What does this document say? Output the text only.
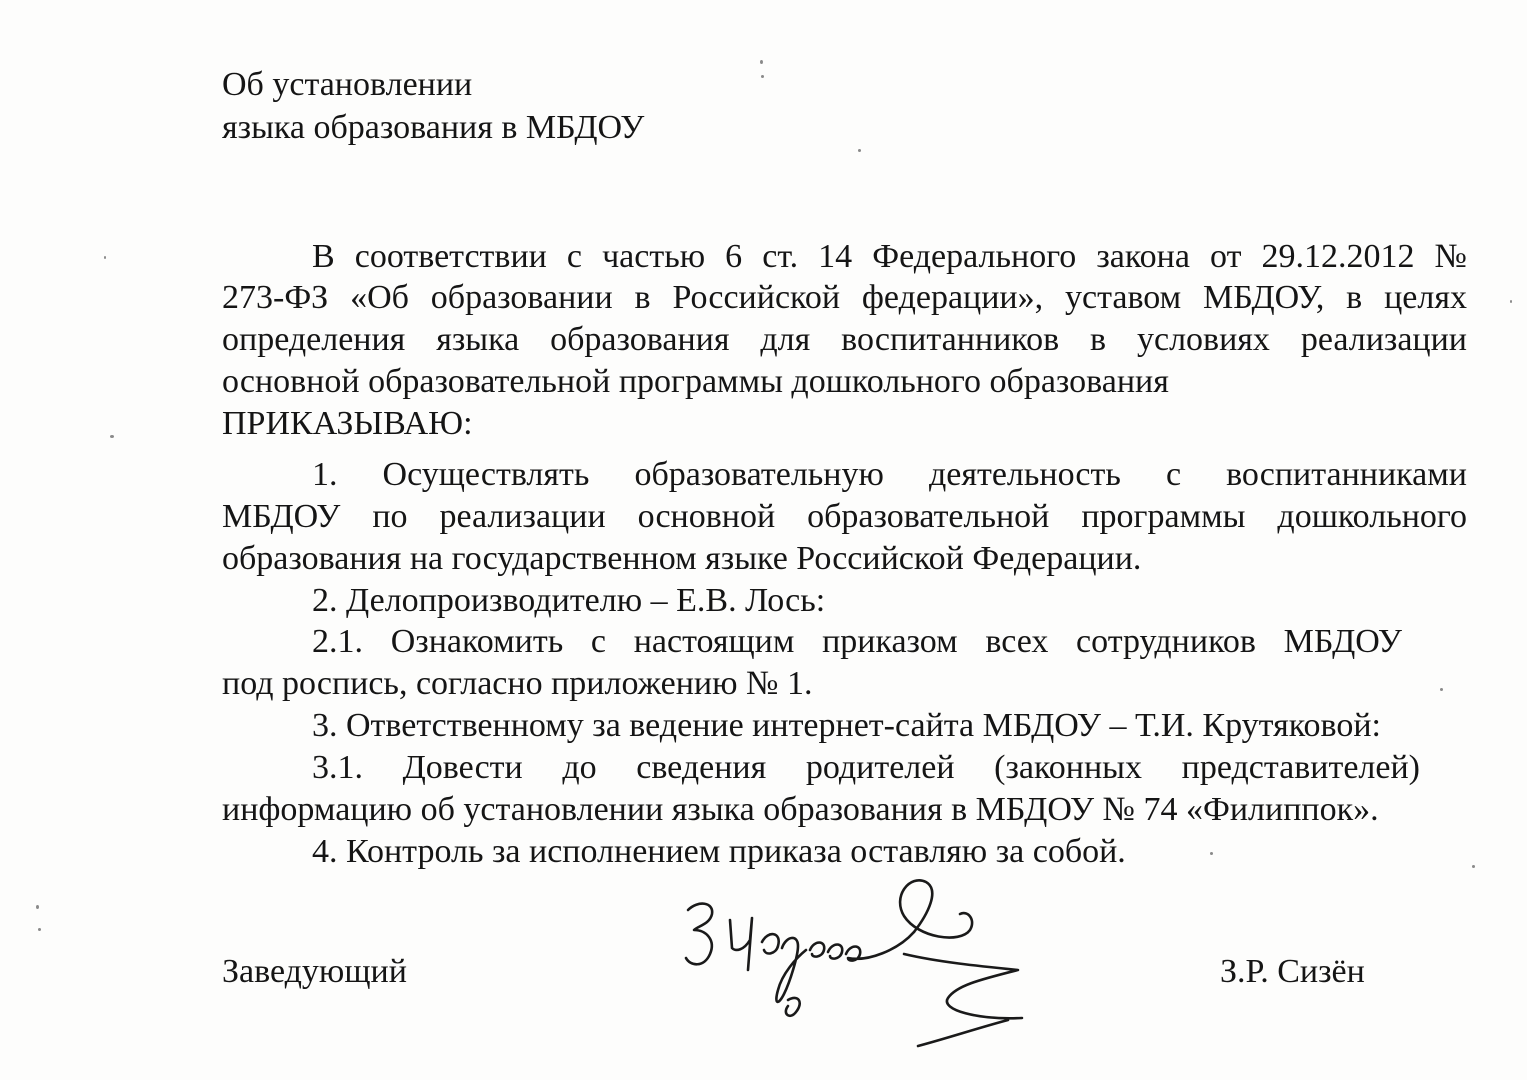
Об установлении
языка образования в МБДОУ
В соответствии с частью 6 ст. 14 Федерального закона от 29.12.2012 №
273-ФЗ «Об образовании в Российской федерации», уставом МБДОУ, в целях
определения языка образования для воспитанников в условиях реализации
основной образовательной программы дошкольного образования
ПРИКАЗЫВАЮ:
1. Осуществлять образовательную деятельность с воспитанниками
МБДОУ по реализации основной образовательной программы дошкольного
образования на государственном языке Российской Федерации.
2. Делопроизводителю – Е.В. Лось:
2.1. Ознакомить с настоящим приказом всех сотрудников МБДОУ
под роспись, согласно приложению № 1.
3. Ответственному за ведение интернет-сайта МБДОУ – Т.И. Крутяковой:
3.1. Довести до сведения родителей (законных представителей)
информацию об установлении языка образования в МБДОУ № 74 «Филиппок».
4. Контроль за исполнением приказа оставляю за собой.
Заведующий	З.Р. Сизён
